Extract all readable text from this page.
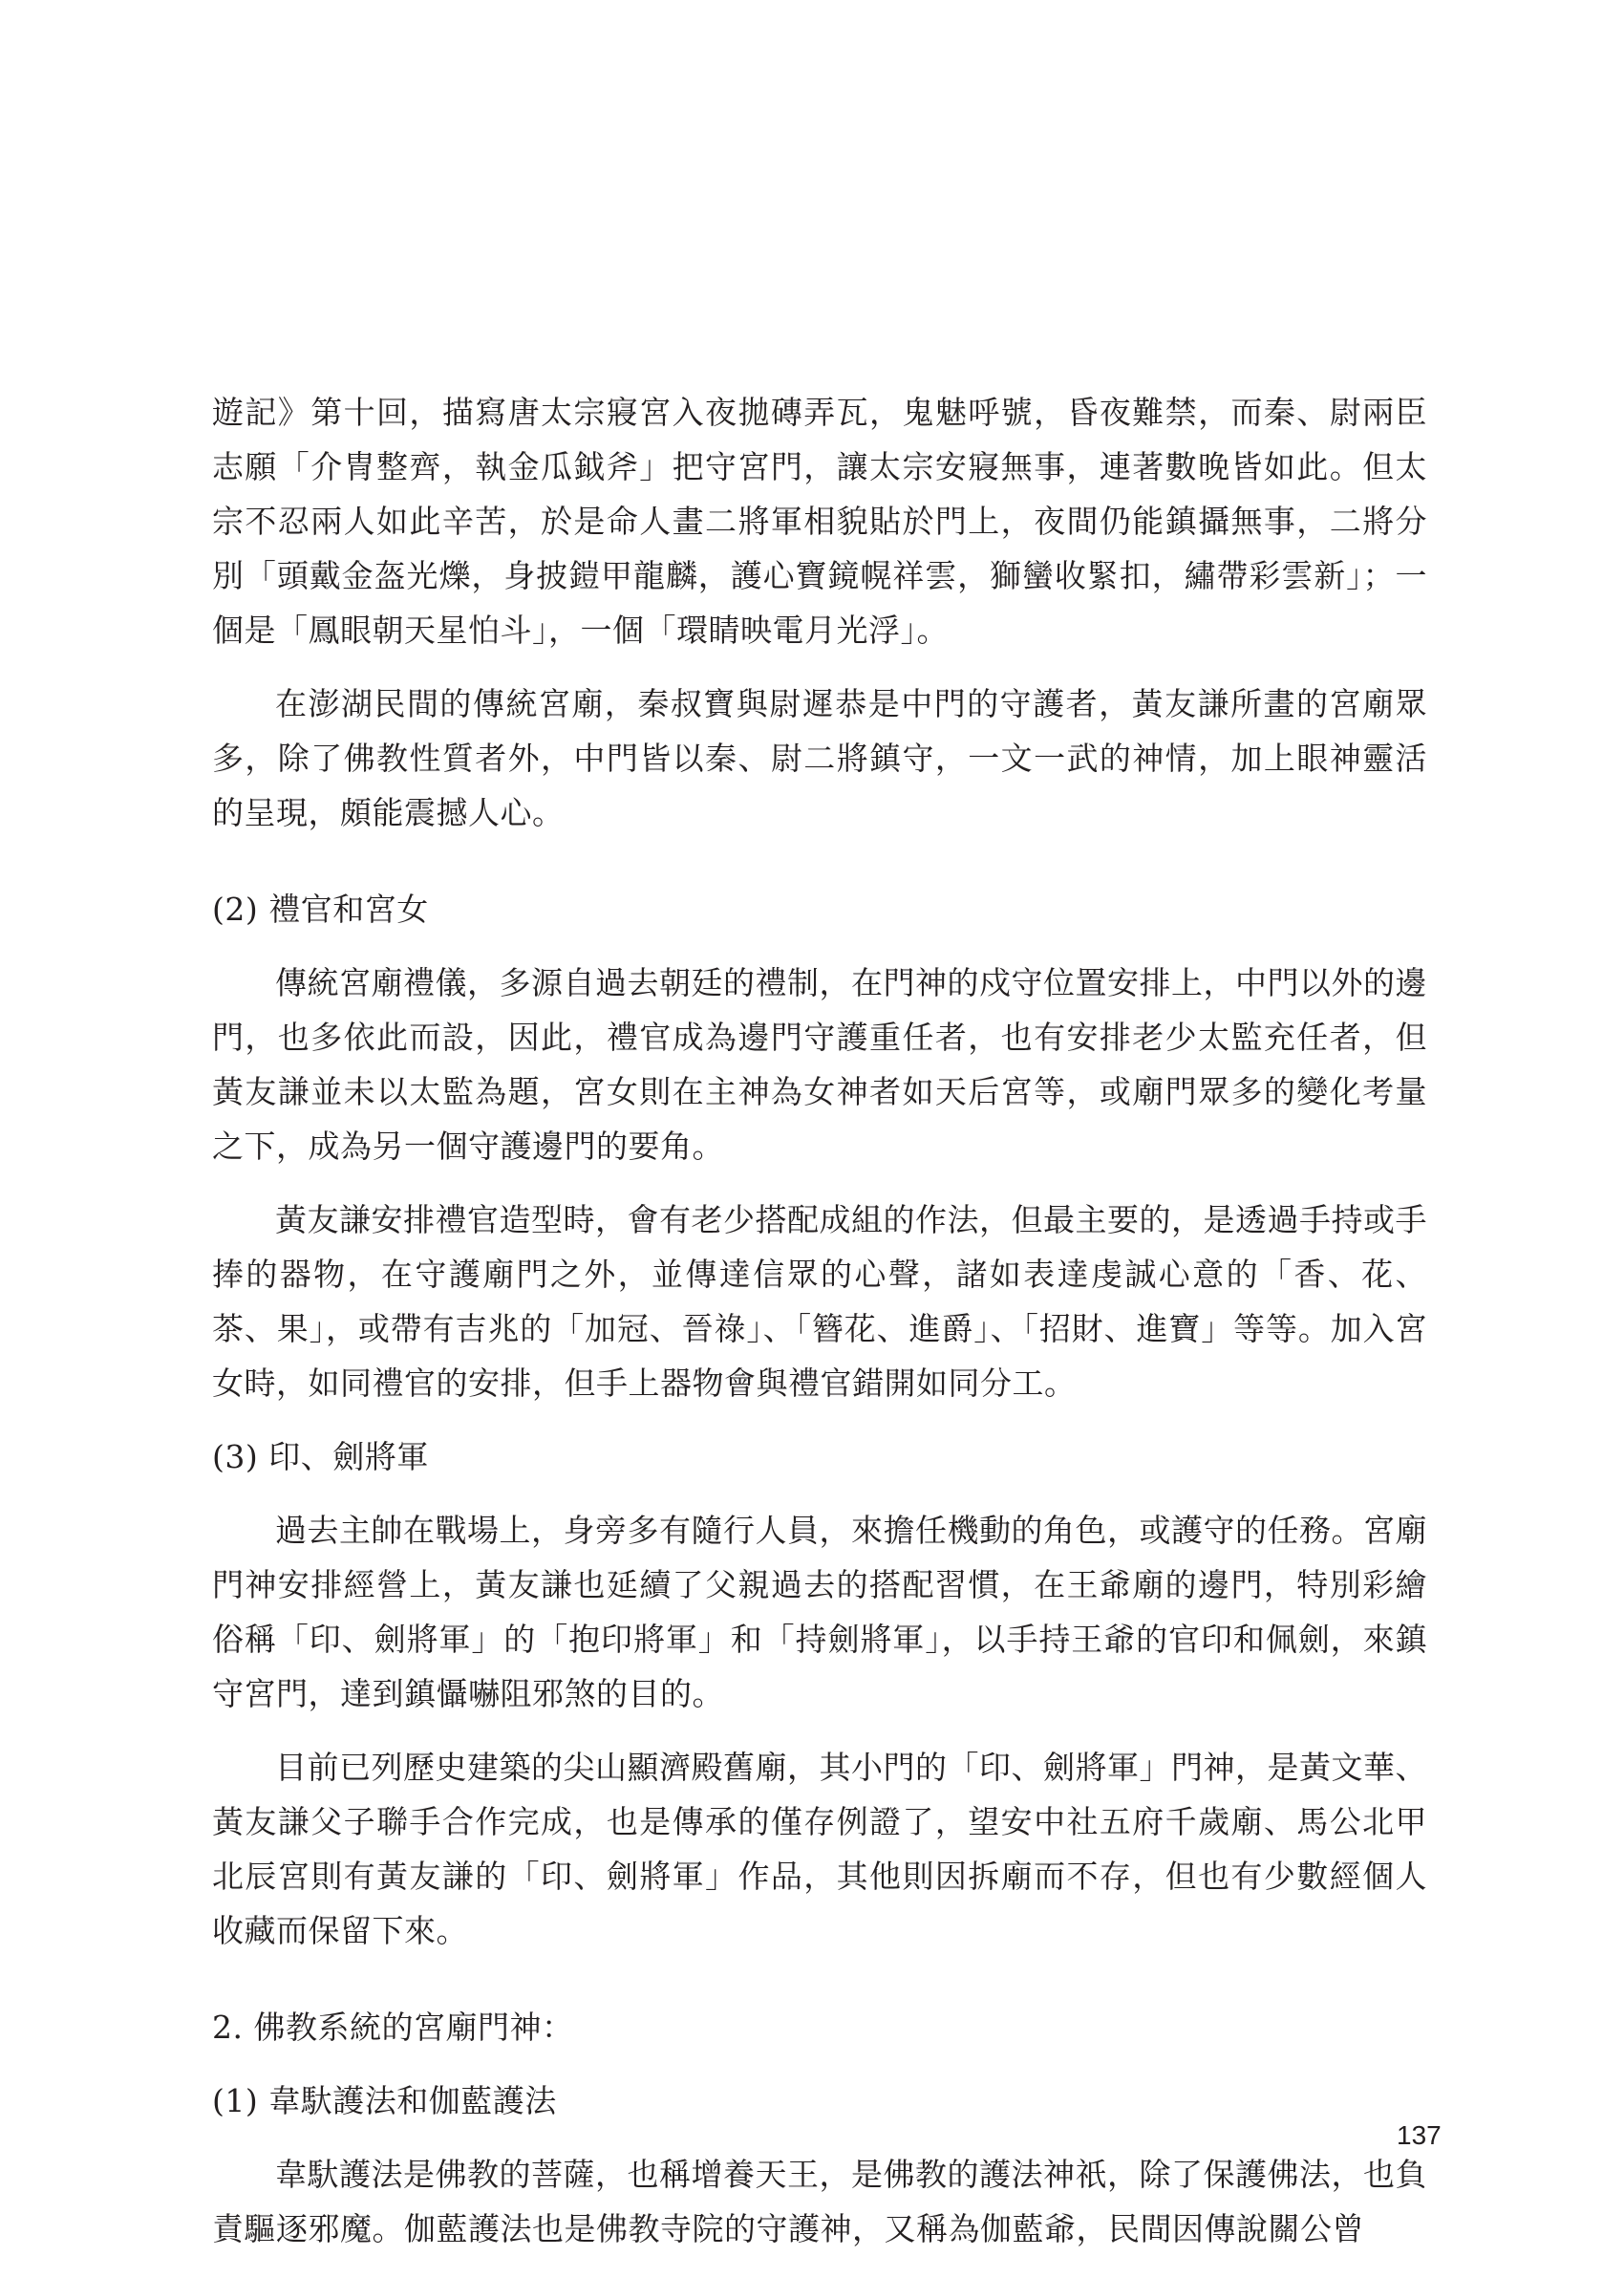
遊記》第十回，描寫唐太宗寢宮入夜拋磚弄瓦，鬼魅呼號，昏夜難禁，而秦、尉兩臣志願「介冑整齊，執金瓜鉞斧」把守宮門，讓太宗安寢無事，連著數晚皆如此。但太宗不忍兩人如此辛苦，於是命人畫二將軍相貌貼於門上，夜間仍能鎮攝無事，二將分別「頭戴金盔光爍，身披鎧甲龍麟，護心寶鏡幌祥雲，獅蠻收緊扣，繡帶彩雲新」；一個是「鳳眼朝天星怕斗」，一個「環睛映電月光浮」。

在澎湖民間的傳統宮廟，秦叔寶與尉遲恭是中門的守護者，黃友謙所畫的宮廟眾多，除了佛教性質者外，中門皆以秦、尉二將鎮守，一文一武的神情，加上眼神靈活的呈現，頗能震撼人心。

(2) 禮官和宮女

傳統宮廟禮儀，多源自過去朝廷的禮制，在門神的戍守位置安排上，中門以外的邊門，也多依此而設，因此，禮官成為邊門守護重任者，也有安排老少太監充任者，但黃友謙並未以太監為題，宮女則在主神為女神者如天后宮等，或廟門眾多的變化考量之下，成為另一個守護邊門的要角。

黃友謙安排禮官造型時，會有老少搭配成組的作法，但最主要的，是透過手持或手捧的器物，在守護廟門之外，並傳達信眾的心聲，諸如表達虔誠心意的「香、花、茶、果」，或帶有吉兆的「加冠、晉祿」、「簪花、進爵」、「招財、進寶」等等。加入宮女時，如同禮官的安排，但手上器物會與禮官錯開如同分工。

(3) 印、劍將軍

過去主帥在戰場上，身旁多有隨行人員，來擔任機動的角色，或護守的任務。宮廟門神安排經營上，黃友謙也延續了父親過去的搭配習慣，在王爺廟的邊門，特別彩繪俗稱「印、劍將軍」的「抱印將軍」和「持劍將軍」，以手持王爺的官印和佩劍，來鎮守宮門，達到鎮懾嚇阻邪煞的目的。

目前已列歷史建築的尖山顯濟殿舊廟，其小門的「印、劍將軍」門神，是黃文華、黃友謙父子聯手合作完成，也是傳承的僅存例證了，望安中社五府千歲廟、馬公北甲北辰宮則有黃友謙的「印、劍將軍」作品，其他則因拆廟而不存，但也有少數經個人收藏而保留下來。

2. 佛教系統的宮廟門神：

(1) 韋馱護法和伽藍護法

韋馱護法是佛教的菩薩，也稱增養天王，是佛教的護法神祇，除了保護佛法，也負責驅逐邪魔。伽藍護法也是佛教寺院的守護神，又稱為伽藍爺，民間因傳說關公曾

137
